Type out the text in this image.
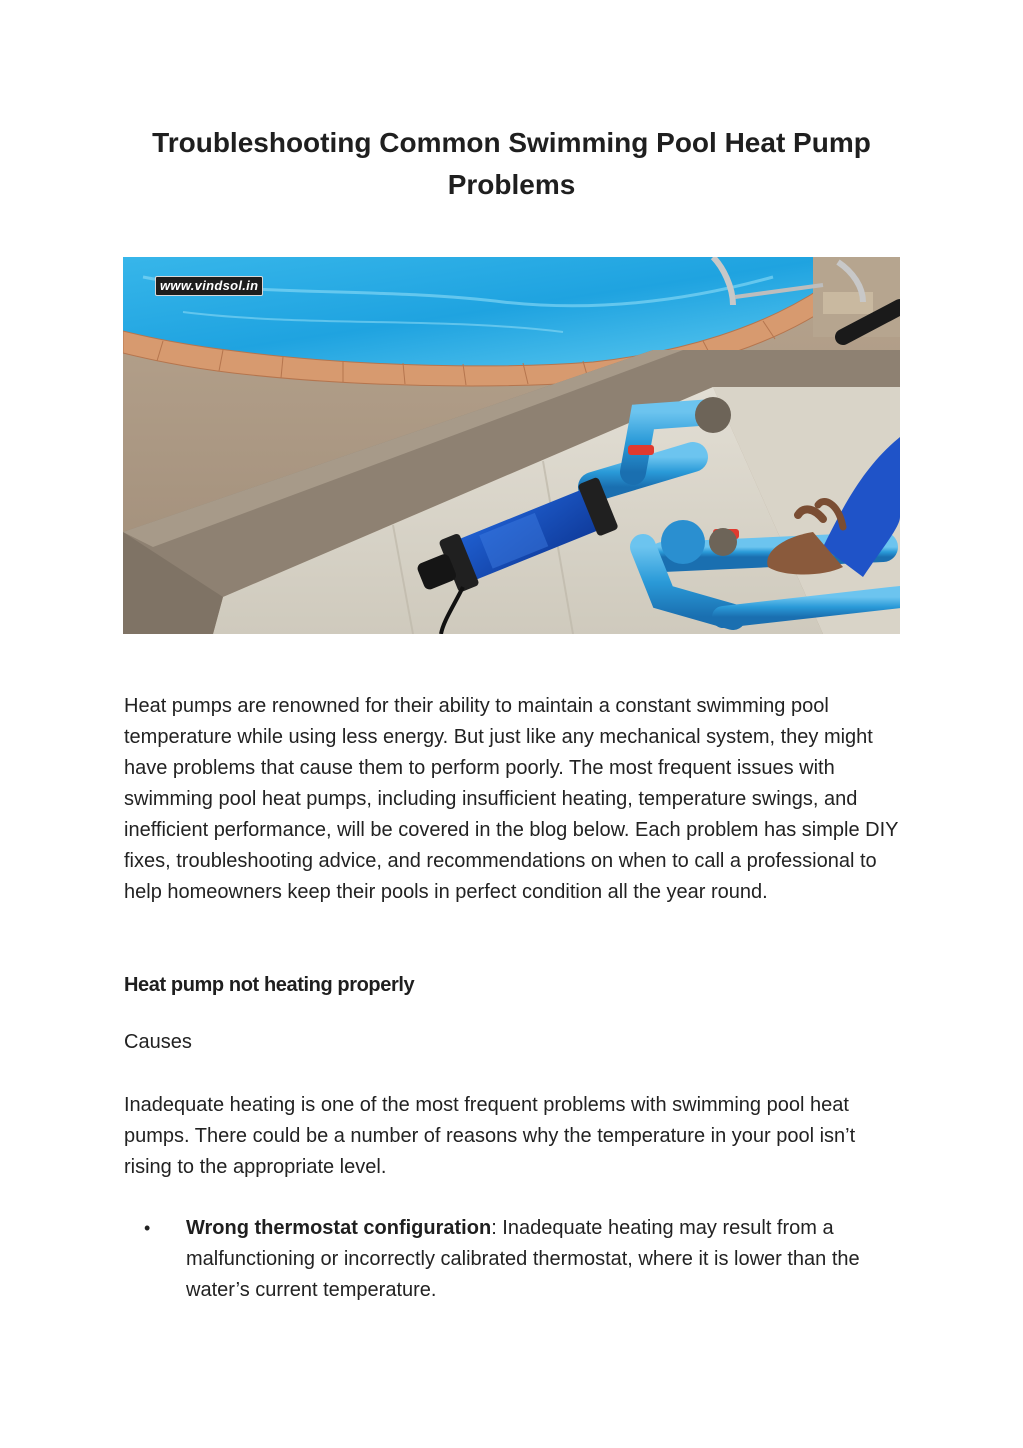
Troubleshooting Common Swimming Pool Heat Pump Problems
www.vindsol.in

Heat pumps are renowned for their ability to maintain a constant swimming pool temperature while using less energy. But just like any mechanical system, they might have problems that cause them to perform poorly. The most frequent issues with swimming pool heat pumps, including insufficient heating, temperature swings, and inefficient performance, will be covered in the blog below. Each problem has simple DIY fixes, troubleshooting advice, and recommendations on when to call a professional to help homeowners keep their pools in perfect condition all the year round.

Heat pump not heating properly

Causes

Inadequate heating is one of the most frequent problems with swimming pool heat pumps. There could be a number of reasons why the temperature in your pool isn’t rising to the appropriate level.

• Wrong thermostat configuration: Inadequate heating may result from a malfunctioning or incorrectly calibrated thermostat, where it is lower than the water’s current temperature.
